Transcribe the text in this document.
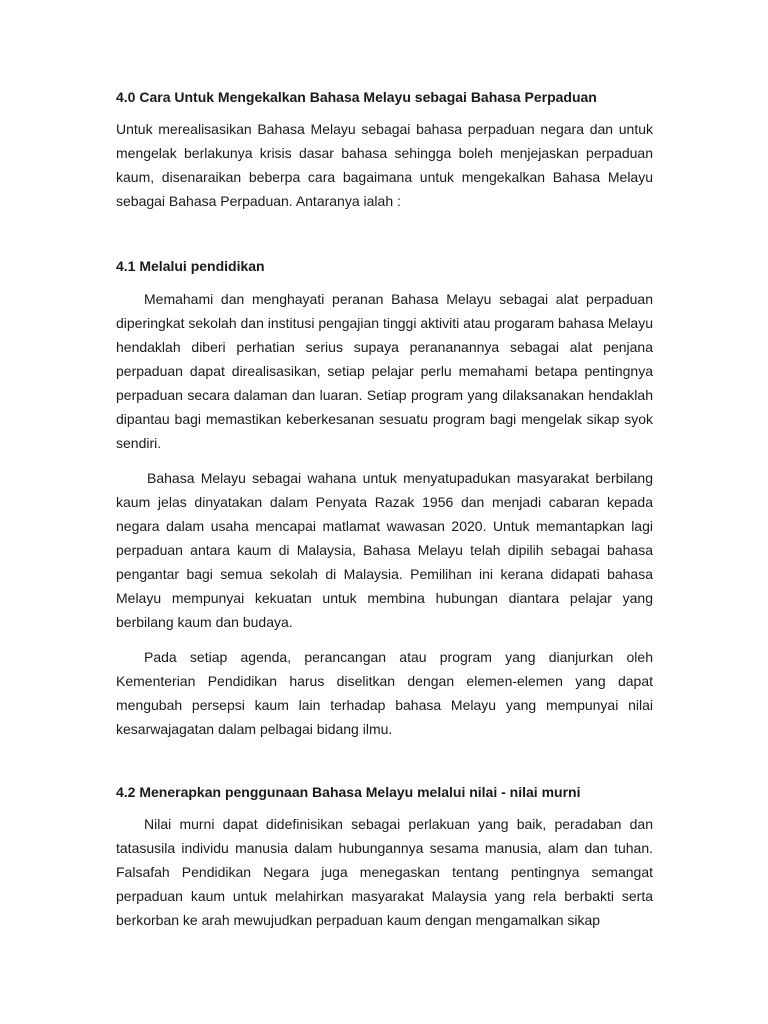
4.0 Cara Untuk Mengekalkan Bahasa Melayu sebagai Bahasa Perpaduan

Untuk merealisasikan Bahasa Melayu sebagai bahasa perpaduan negara dan untuk mengelak berlakunya krisis dasar bahasa sehingga boleh menjejaskan perpaduan kaum, disenaraikan beberpa cara bagaimana untuk mengekalkan Bahasa Melayu sebagai Bahasa Perpaduan. Antaranya ialah :

4.1 Melalui pendidikan

Memahami dan menghayati peranan Bahasa Melayu sebagai alat perpaduan diperingkat sekolah dan institusi pengajian tinggi aktiviti atau progaram bahasa Melayu hendaklah diberi perhatian serius supaya perananannya sebagai alat penjana perpaduan dapat direalisasikan, setiap pelajar perlu memahami betapa pentingnya perpaduan secara dalaman dan luaran. Setiap program yang dilaksanakan hendaklah dipantau bagi memastikan keberkesanan sesuatu program bagi mengelak sikap syok sendiri.

Bahasa Melayu sebagai wahana untuk menyatupadukan masyarakat berbilang kaum jelas dinyatakan dalam Penyata Razak 1956 dan menjadi cabaran kepada negara dalam usaha mencapai matlamat wawasan 2020. Untuk memantapkan lagi perpaduan antara kaum di Malaysia, Bahasa Melayu telah dipilih sebagai bahasa pengantar bagi semua sekolah di Malaysia. Pemilihan ini kerana didapati bahasa Melayu mempunyai kekuatan untuk membina hubungan diantara pelajar yang berbilang kaum dan budaya.

Pada setiap agenda, perancangan atau program yang dianjurkan oleh Kementerian Pendidikan harus diselitkan dengan elemen-elemen yang dapat mengubah persepsi kaum lain terhadap bahasa Melayu yang mempunyai nilai kesarwajagatan dalam pelbagai bidang ilmu.

4.2 Menerapkan penggunaan Bahasa Melayu melalui nilai - nilai murni

Nilai murni dapat didefinisikan sebagai perlakuan yang baik, peradaban dan tatasusila individu manusia dalam hubungannya sesama manusia, alam dan tuhan. Falsafah Pendidikan Negara juga menegaskan tentang pentingnya semangat perpaduan kaum untuk melahirkan masyarakat Malaysia yang rela berbakti serta berkorban ke arah mewujudkan perpaduan kaum dengan mengamalkan sikap
